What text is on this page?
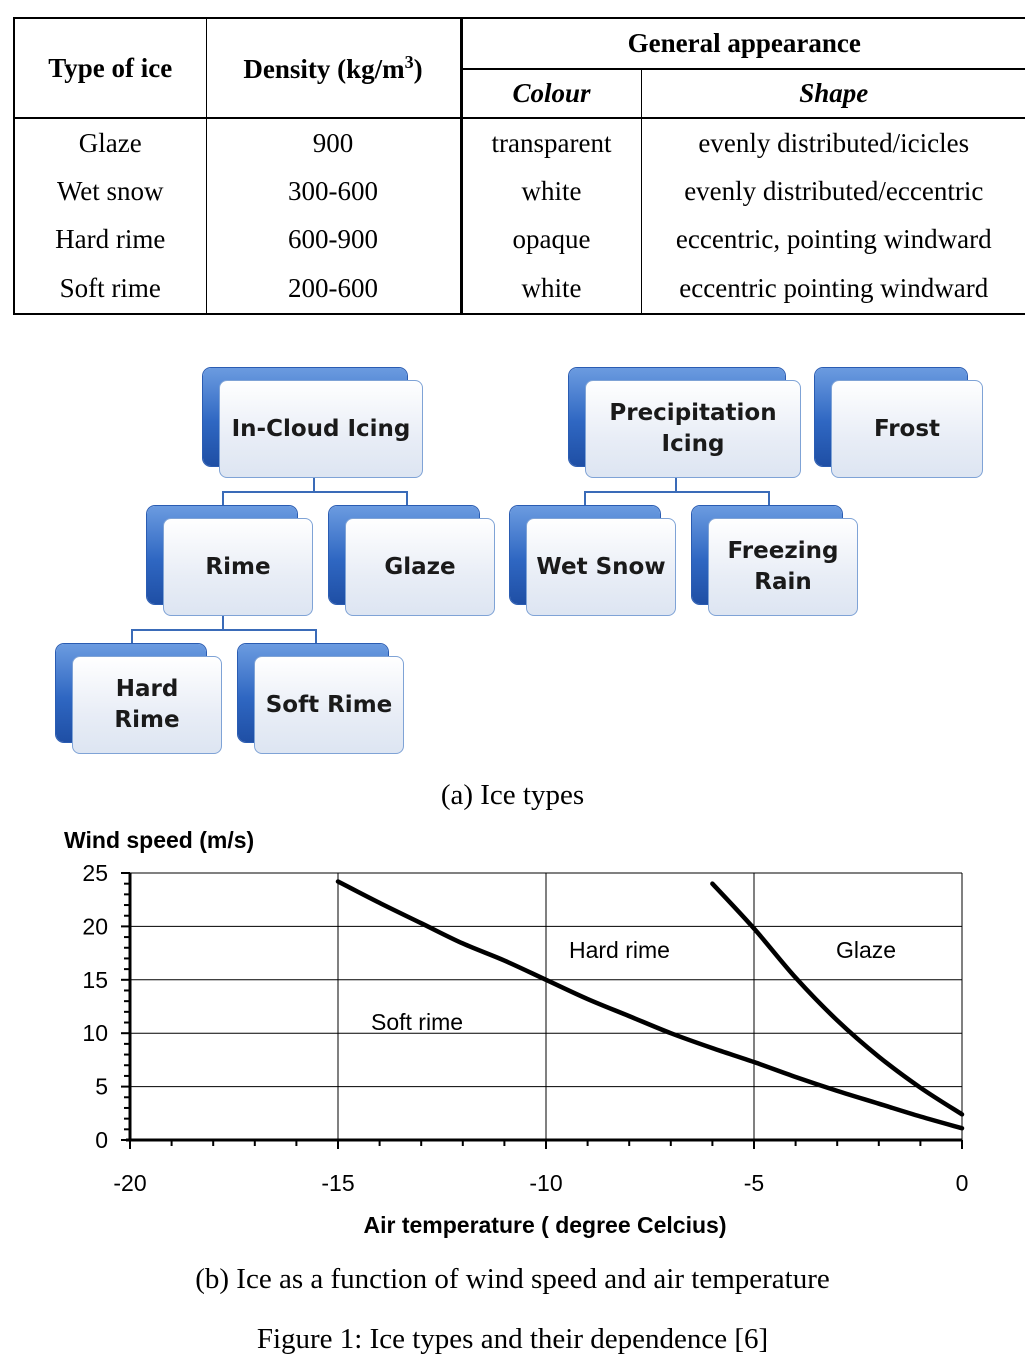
Type of ice	Density $(kg/m^3)$	General appearance	
		Colour	Shape
Glaze	900	transparent	evenly distributed/icicles
Wet snow	300-600	white	evenly distributed/eccentric
Hard rime	600-900	opaque	eccentric, pointing windward
Soft rime	200-600	white	eccentric pointing windward
In-Cloud Icing
Precipitation
Icing
Frost
Rime	Glaze	Wet Snow
Freezing
Rain
Hard
Rime
Soft Rime
(a) Ice types
0
5
10
15
20
25
-20	-15	-10	-5	0
Wind speed (m/s)
Air temperature ( degree Celcius)
Hard rime	Glaze
Soft rime
(b) Ice as a function of wind speed and air temperature
Figure 1: Ice types and their dependence [6]
